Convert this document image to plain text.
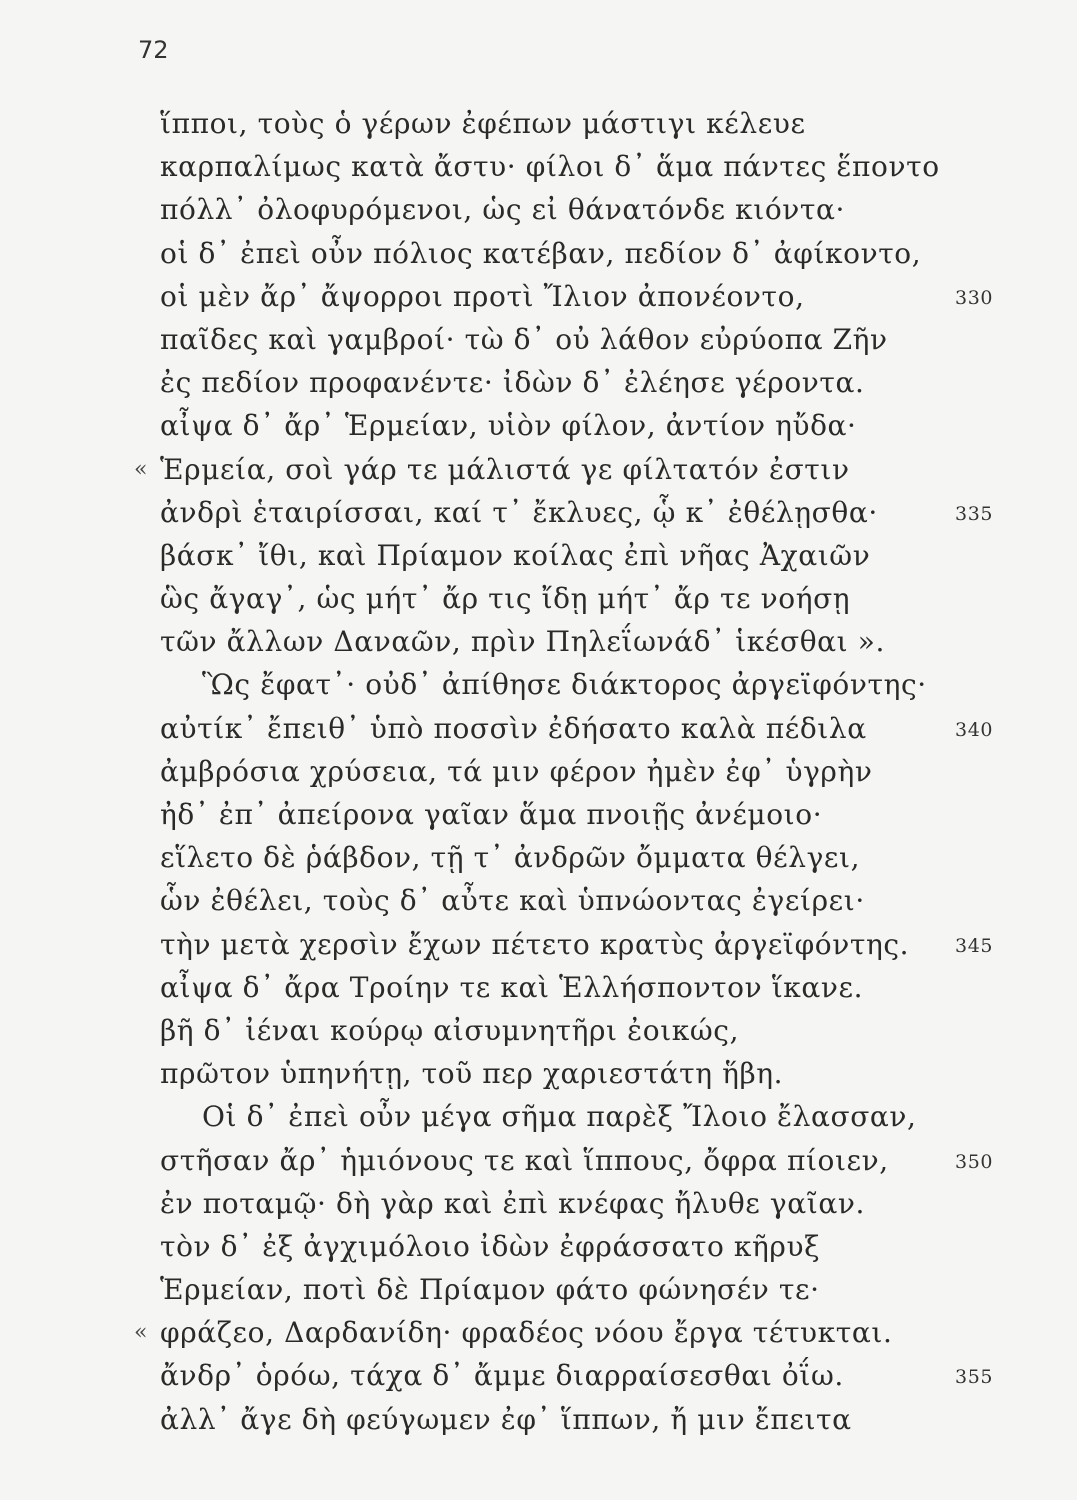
72
ἵπποι, τοὺς ὁ γέρων ἐφέπων μάστιγι κέλευε
καρπαλίμως κατὰ ἄστυ· φίλοι δ᾽ ἅμα πάντες ἕποντο
πόλλ᾽ ὀλοφυρόμενοι, ὡς εἰ θάνατόνδε κιόντα·
οἱ δ᾽ ἐπεὶ οὖν πόλιος κατέβαν, πεδίον δ᾽ ἀφίκοντο,
οἱ μὲν ἄρ᾽ ἄψορροι προτὶ Ἴλιον ἀπονέοντο,	330
παῖδες καὶ γαμβροί· τὼ δ᾽ οὐ λάθον εὐρύοπα Ζῆν
ἐς πεδίον προφανέντε· ἰδὼν δ᾽ ἐλέησε γέροντα.
αἶψα δ᾽ ἄρ᾽ Ἑρμείαν, υἱὸν φίλον, ἀντίον ηὔδα·
« Ἑρμεία, σοὶ γάρ τε μάλιστά γε φίλτατόν ἐστιν
ἀνδρὶ ἑταιρίσσαι, καί τ᾽ ἔκλυες, ᾧ κ᾽ ἐθέλῃσθα·	335
βάσκ᾽ ἴθι, καὶ Πρίαμον κοίλας ἐπὶ νῆας Ἀχαιῶν
ὣς ἄγαγ᾽, ὡς μήτ᾽ ἄρ τις ἴδῃ μήτ᾽ ἄρ τε νοήσῃ
τῶν ἄλλων Δαναῶν, πρὶν Πηλεΐωνάδ᾽ ἱκέσθαι ».
Ὣς ἔφατ᾽· οὐδ᾽ ἀπίθησε διάκτορος ἀργεϊφόντης·
αὐτίκ᾽ ἔπειθ᾽ ὑπὸ ποσσὶν ἐδήσατο καλὰ πέδιλα	340
ἀμβρόσια χρύσεια, τά μιν φέρον ἠμὲν ἐφ᾽ ὑγρὴν
ἠδ᾽ ἐπ᾽ ἀπείρονα γαῖαν ἅμα πνοιῇς ἀνέμοιο·
εἵλετο δὲ ῥάβδον, τῇ τ᾽ ἀνδρῶν ὄμματα θέλγει,
ὧν ἐθέλει, τοὺς δ᾽ αὖτε καὶ ὑπνώοντας ἐγείρει·
τὴν μετὰ χερσὶν ἔχων πέτετο κρατὺς ἀργεϊφόντης. 345
αἶψα δ᾽ ἄρα Τροίην τε καὶ Ἑλλήσποντον ἵκανε.
βῆ δ᾽ ἰέναι κούρῳ αἰσυμνητῆρι ἐοικώς,
πρῶτον ὑπηνήτῃ, τοῦ περ χαριεστάτη ἥβη.
Οἱ δ᾽ ἐπεὶ οὖν μέγα σῆμα παρὲξ Ἴλοιο ἔλασσαν,
στῆσαν ἄρ᾽ ἡμιόνους τε καὶ ἵππους, ὄφρα πίοιεν,	350
ἐν ποταμῷ· δὴ γὰρ καὶ ἐπὶ κνέφας ἤλυθε γαῖαν.
τὸν δ᾽ ἐξ ἀγχιμόλοιο ἰδὼν ἐφράσσατο κῆρυξ
Ἑρμείαν, ποτὶ δὲ Πρίαμον φάτο φώνησέν τε·
« φράζεο, Δαρδανίδη· φραδέος νόου ἔργα τέτυκται.
ἄνδρ᾽ ὁρόω, τάχα δ᾽ ἄμμε διαρραίσεσθαι ὀΐω.	355
ἀλλ᾽ ἄγε δὴ φεύγωμεν ἐφ᾽ ἵππων, ἤ μιν ἔπειτα
